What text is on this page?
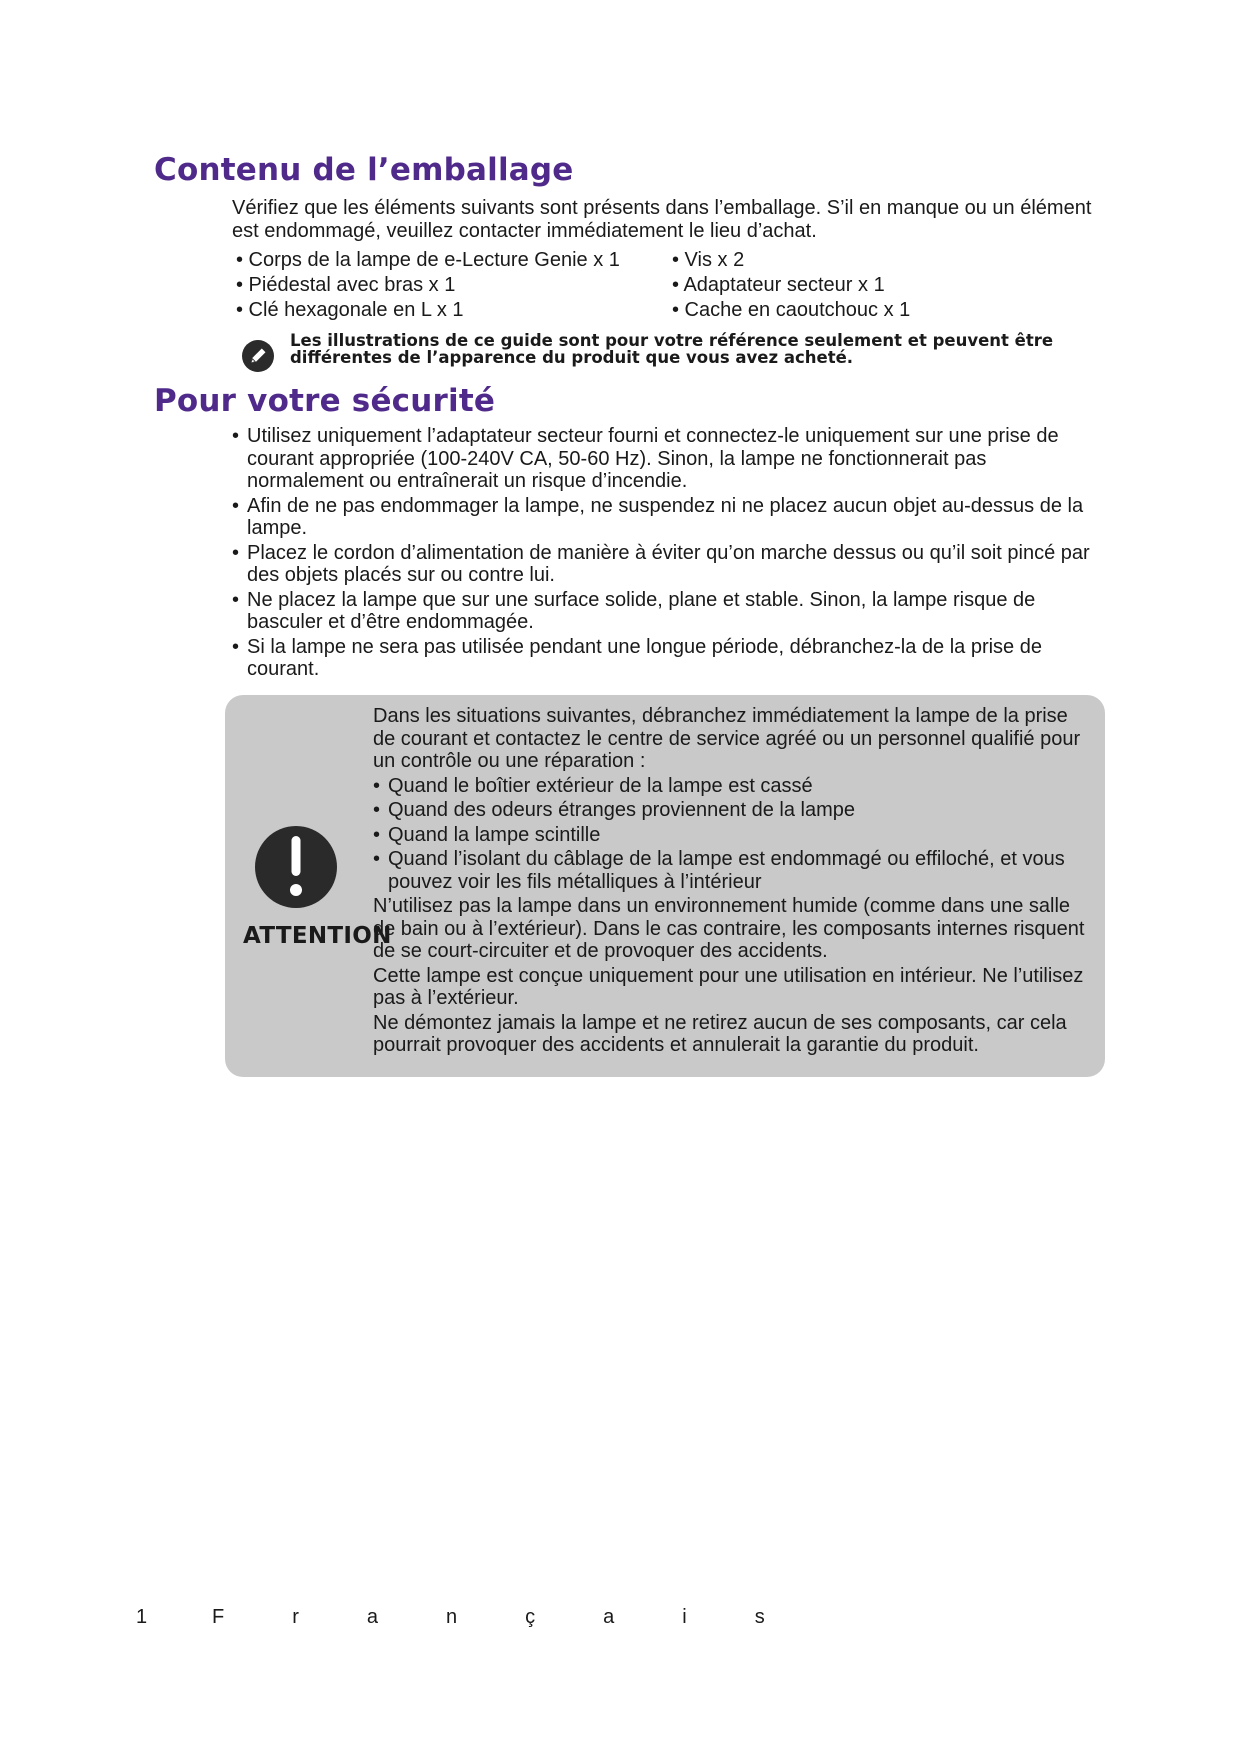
Contenu de l’emballage
Vérifiez que les éléments suivants sont présents dans l’emballage. S’il en manque ou un élément est endommagé, veuillez contacter immédiatement le lieu d’achat.
• Corps de la lampe de e-Lecture Genie x 1
• Piédestal avec bras x 1
• Clé hexagonale en L x 1
• Vis x 2
• Adaptateur secteur x 1
• Cache en caoutchouc x 1
Les illustrations de ce guide sont pour votre référence seulement et peuvent être différentes de l’apparence du produit que vous avez acheté.
Pour votre sécurité
• Utilisez uniquement l’adaptateur secteur fourni et connectez-le uniquement sur une prise de courant appropriée (100-240V CA, 50-60 Hz). Sinon, la lampe ne fonctionnerait pas normalement ou entraînerait un risque d’incendie.
• Afin de ne pas endommager la lampe, ne suspendez ni ne placez aucun objet au-dessus de la lampe.
• Placez le cordon d’alimentation de manière à éviter qu’on marche dessus ou qu’il soit pincé par des objets placés sur ou contre lui.
• Ne placez la lampe que sur une surface solide, plane et stable. Sinon, la lampe risque de basculer et d’être endommagée.
• Si la lampe ne sera pas utilisée pendant une longue période, débranchez-la de la prise de courant.
ATTENTION
Dans les situations suivantes, débranchez immédiatement la lampe de la prise de courant et contactez le centre de service agréé ou un personnel qualifié pour un contrôle ou une réparation :
• Quand le boîtier extérieur de la lampe est cassé
• Quand des odeurs étranges proviennent de la lampe
• Quand la lampe scintille
• Quand l’isolant du câblage de la lampe est endommagé ou effiloché, et vous pouvez voir les fils métalliques à l’intérieur
N’utilisez pas la lampe dans un environnement humide (comme dans une salle de bain ou à l’extérieur). Dans le cas contraire, les composants internes risquent de se court-circuiter et de provoquer des accidents.
Cette lampe est conçue uniquement pour une utilisation en intérieur. Ne l’utilisez pas à l’extérieur.
Ne démontez jamais la lampe et ne retirez aucun de ses composants, car cela pourrait provoquer des accidents et annulerait la garantie du produit.
1	Français
